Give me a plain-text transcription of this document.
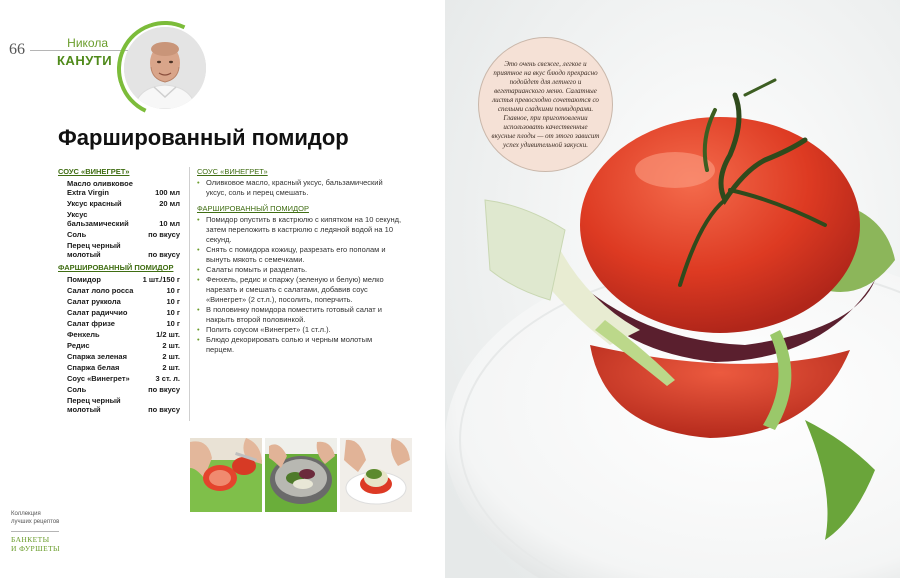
66	Никола
КАНУТИ
Фаршированный помидор
СОУС «ВИНЕГРЕТ»
Масло оливковое Extra Virgin	100 мл
Уксус красный	20 мл
Уксус бальзамический	10 мл
Соль	по вкусу
Перец черный молотый	по вкусу
ФАРШИРОВАННЫЙ ПОМИДОР
Помидор	1 шт./150 г
Салат лоло росса	10 г
Салат руккола	10 г
Салат радиччио	10 г
Салат фризе	10 г
Фенхель	1/2 шт.
Редис	2 шт.
Спаржа зеленая	2 шт.
Спаржа белая	2 шт.
Соус «Винегрет»	3 ст. л.
Соль	по вкусу
Перец черный молотый	по вкусу
СОУС «ВИНЕГРЕТ»
• Оливковое масло, красный уксус, бальзамический уксус, соль и перец смешать.
ФАРШИРОВАННЫЙ ПОМИДОР
• Помидор опустить в кастрюлю с кипятком на 10 секунд, затем переложить в кастрюлю с ледяной водой на 10 секунд.
• Снять с помидора кожицу, разрезать его пополам и вынуть мякоть с семечками.
• Салаты помыть и разделать.
• Фенхель, редис и спаржу (зеленую и белую) мелко нарезать и смешать с салатами, добавив соус «Винегрет» (2 ст.л.), посолить, поперчить.
• В половинку помидора поместить готовый салат и накрыть второй половинкой.
• Полить соусом «Винегрет» (1 ст.л.).
• Блюдо декорировать солью и черным молотым перцем.
Коллекция
лучших рецептов
БАНКЕТЫ
И ФУРШЕТЫ
Это очень свежее, легкое и приятное на вкус блюдо прекрасно подойдет для летнего и вегетарианского меню. Салатные листья превосходно сочетаются со спелыми сладкими помидорами. Главное, при приготовлении использовать качественные вкусные плоды — от этого зависит успех удивительной закуски.
